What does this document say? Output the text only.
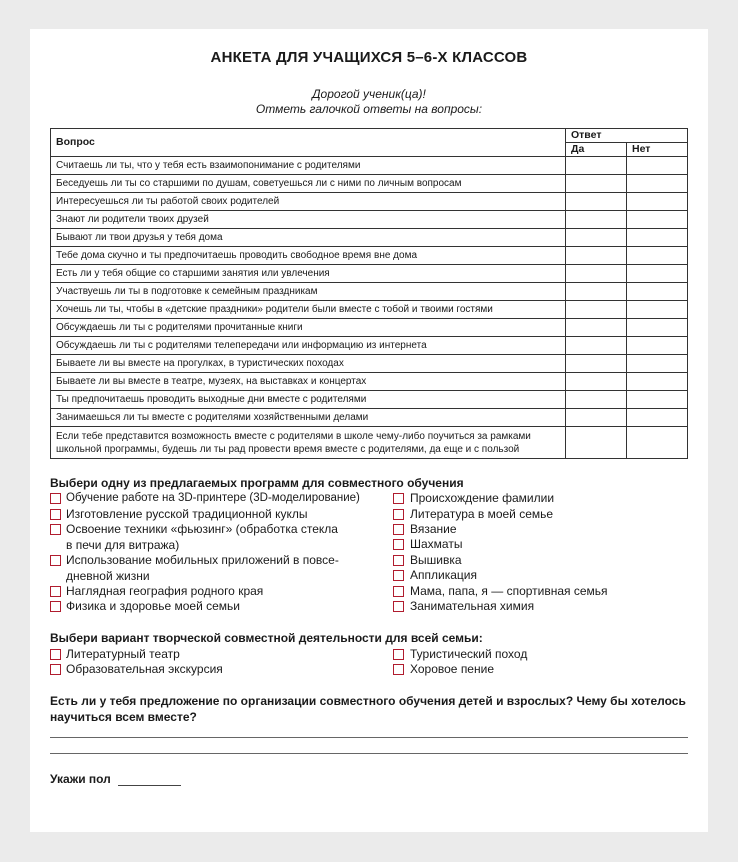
АНКЕТА ДЛЯ УЧАЩИХСЯ 5–6-Х КЛАССОВ
Дорогой ученик(ца)!
Отметь галочкой ответы на вопросы:
Вопрос	Ответ	
	Да	Нет
Считаешь ли ты, что у тебя есть взаимопонимание с родителями		
Беседуешь ли ты со старшими по душам, советуешься ли с ними по личным вопросам		
Интересуешься ли ты работой своих родителей		
Знают ли родители твоих друзей		
Бывают ли твои друзья у тебя дома		
Тебе дома скучно и ты предпочитаешь проводить свободное время вне дома		
Есть ли у тебя общие со старшими занятия или увлечения		
Участвуешь ли ты в подготовке к семейным праздникам		
Хочешь ли ты, чтобы в «детские праздники» родители были вместе с тобой и твоими гостями		
Обсуждаешь ли ты с родителями прочитанные книги		
Обсуждаешь ли ты с родителями телепередачи или информацию из интернета		
Бываете ли вы вместе на прогулках, в туристических походах		
Бываете ли вы вместе в театре, музеях, на выставках и концертах		
Ты предпочитаешь проводить выходные дни вместе с родителями		
Занимаешься ли ты вместе с родителями хозяйственными делами		
Если тебе представится возможность вместе с родителями в школе чему-либо поучиться за рамками школьной программы, будешь ли ты рад провести время вместе с родителями, да еще и с пользой		
Выбери одну из предлагаемых программ для совместного обучения
Обучение работе на 3D-принтере (3D-моделирование)
Изготовление русской традиционной куклы
Освоение техники «фьюзинг» (обработка стекла
в печи для витража)
Использование мобильных приложений в повсе-
дневной жизни
Наглядная география родного края
Физика и здоровье моей семьи
Происхождение фамилии
Литература в моей семье
Вязание
Шахматы
Вышивка
Аппликация
Мама, папа, я — спортивная семья
Занимательная химия
Выбери вариант творческой совместной деятельности для всей семьи:
Литературный театр
Образовательная экскурсия
Туристический поход
Хоровое пение
Есть ли у тебя предложение по организации совместного обучения детей и взрослых? Чему бы хотелось
научиться всем вместе?
Укажи пол
